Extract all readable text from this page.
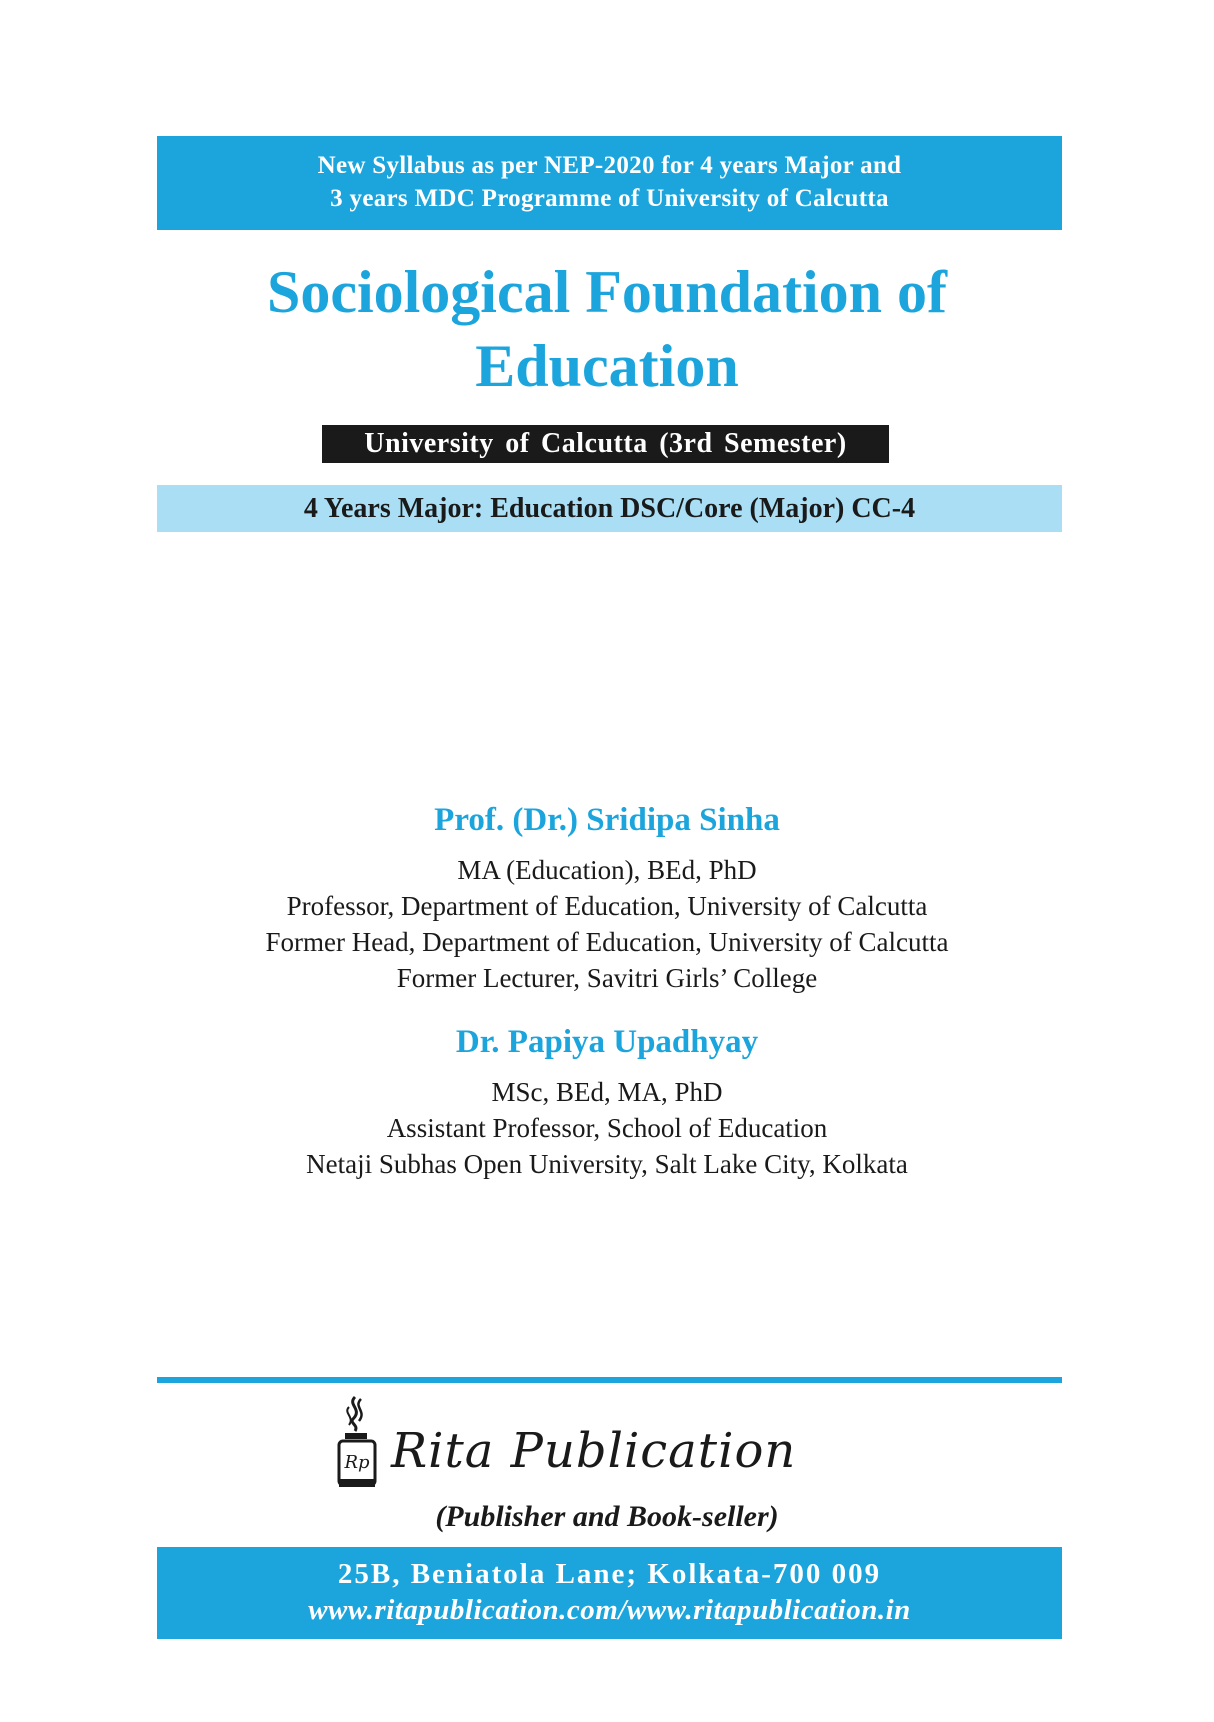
New Syllabus as per NEP-2020 for 4 years Major and
3 years MDC Programme of University of Calcutta
Sociological Foundation of
Education
University of Calcutta (3rd Semester)
4 Years Major: Education DSC/Core (Major) CC-4
Prof. (Dr.) Sridipa Sinha
MA (Education), BEd, PhD
Professor, Department of Education, University of Calcutta
Former Head, Department of Education, University of Calcutta
Former Lecturer, Savitri Girls’ College
Dr. Papiya Upadhyay
MSc, BEd, MA, PhD
Assistant Professor, School of Education
Netaji Subhas Open University, Salt Lake City, Kolkata
Rp Rita Publication
(Publisher and Book-seller)
25B, Beniatola Lane; Kolkata-700 009
www.ritapublication.com/www.ritapublication.in
